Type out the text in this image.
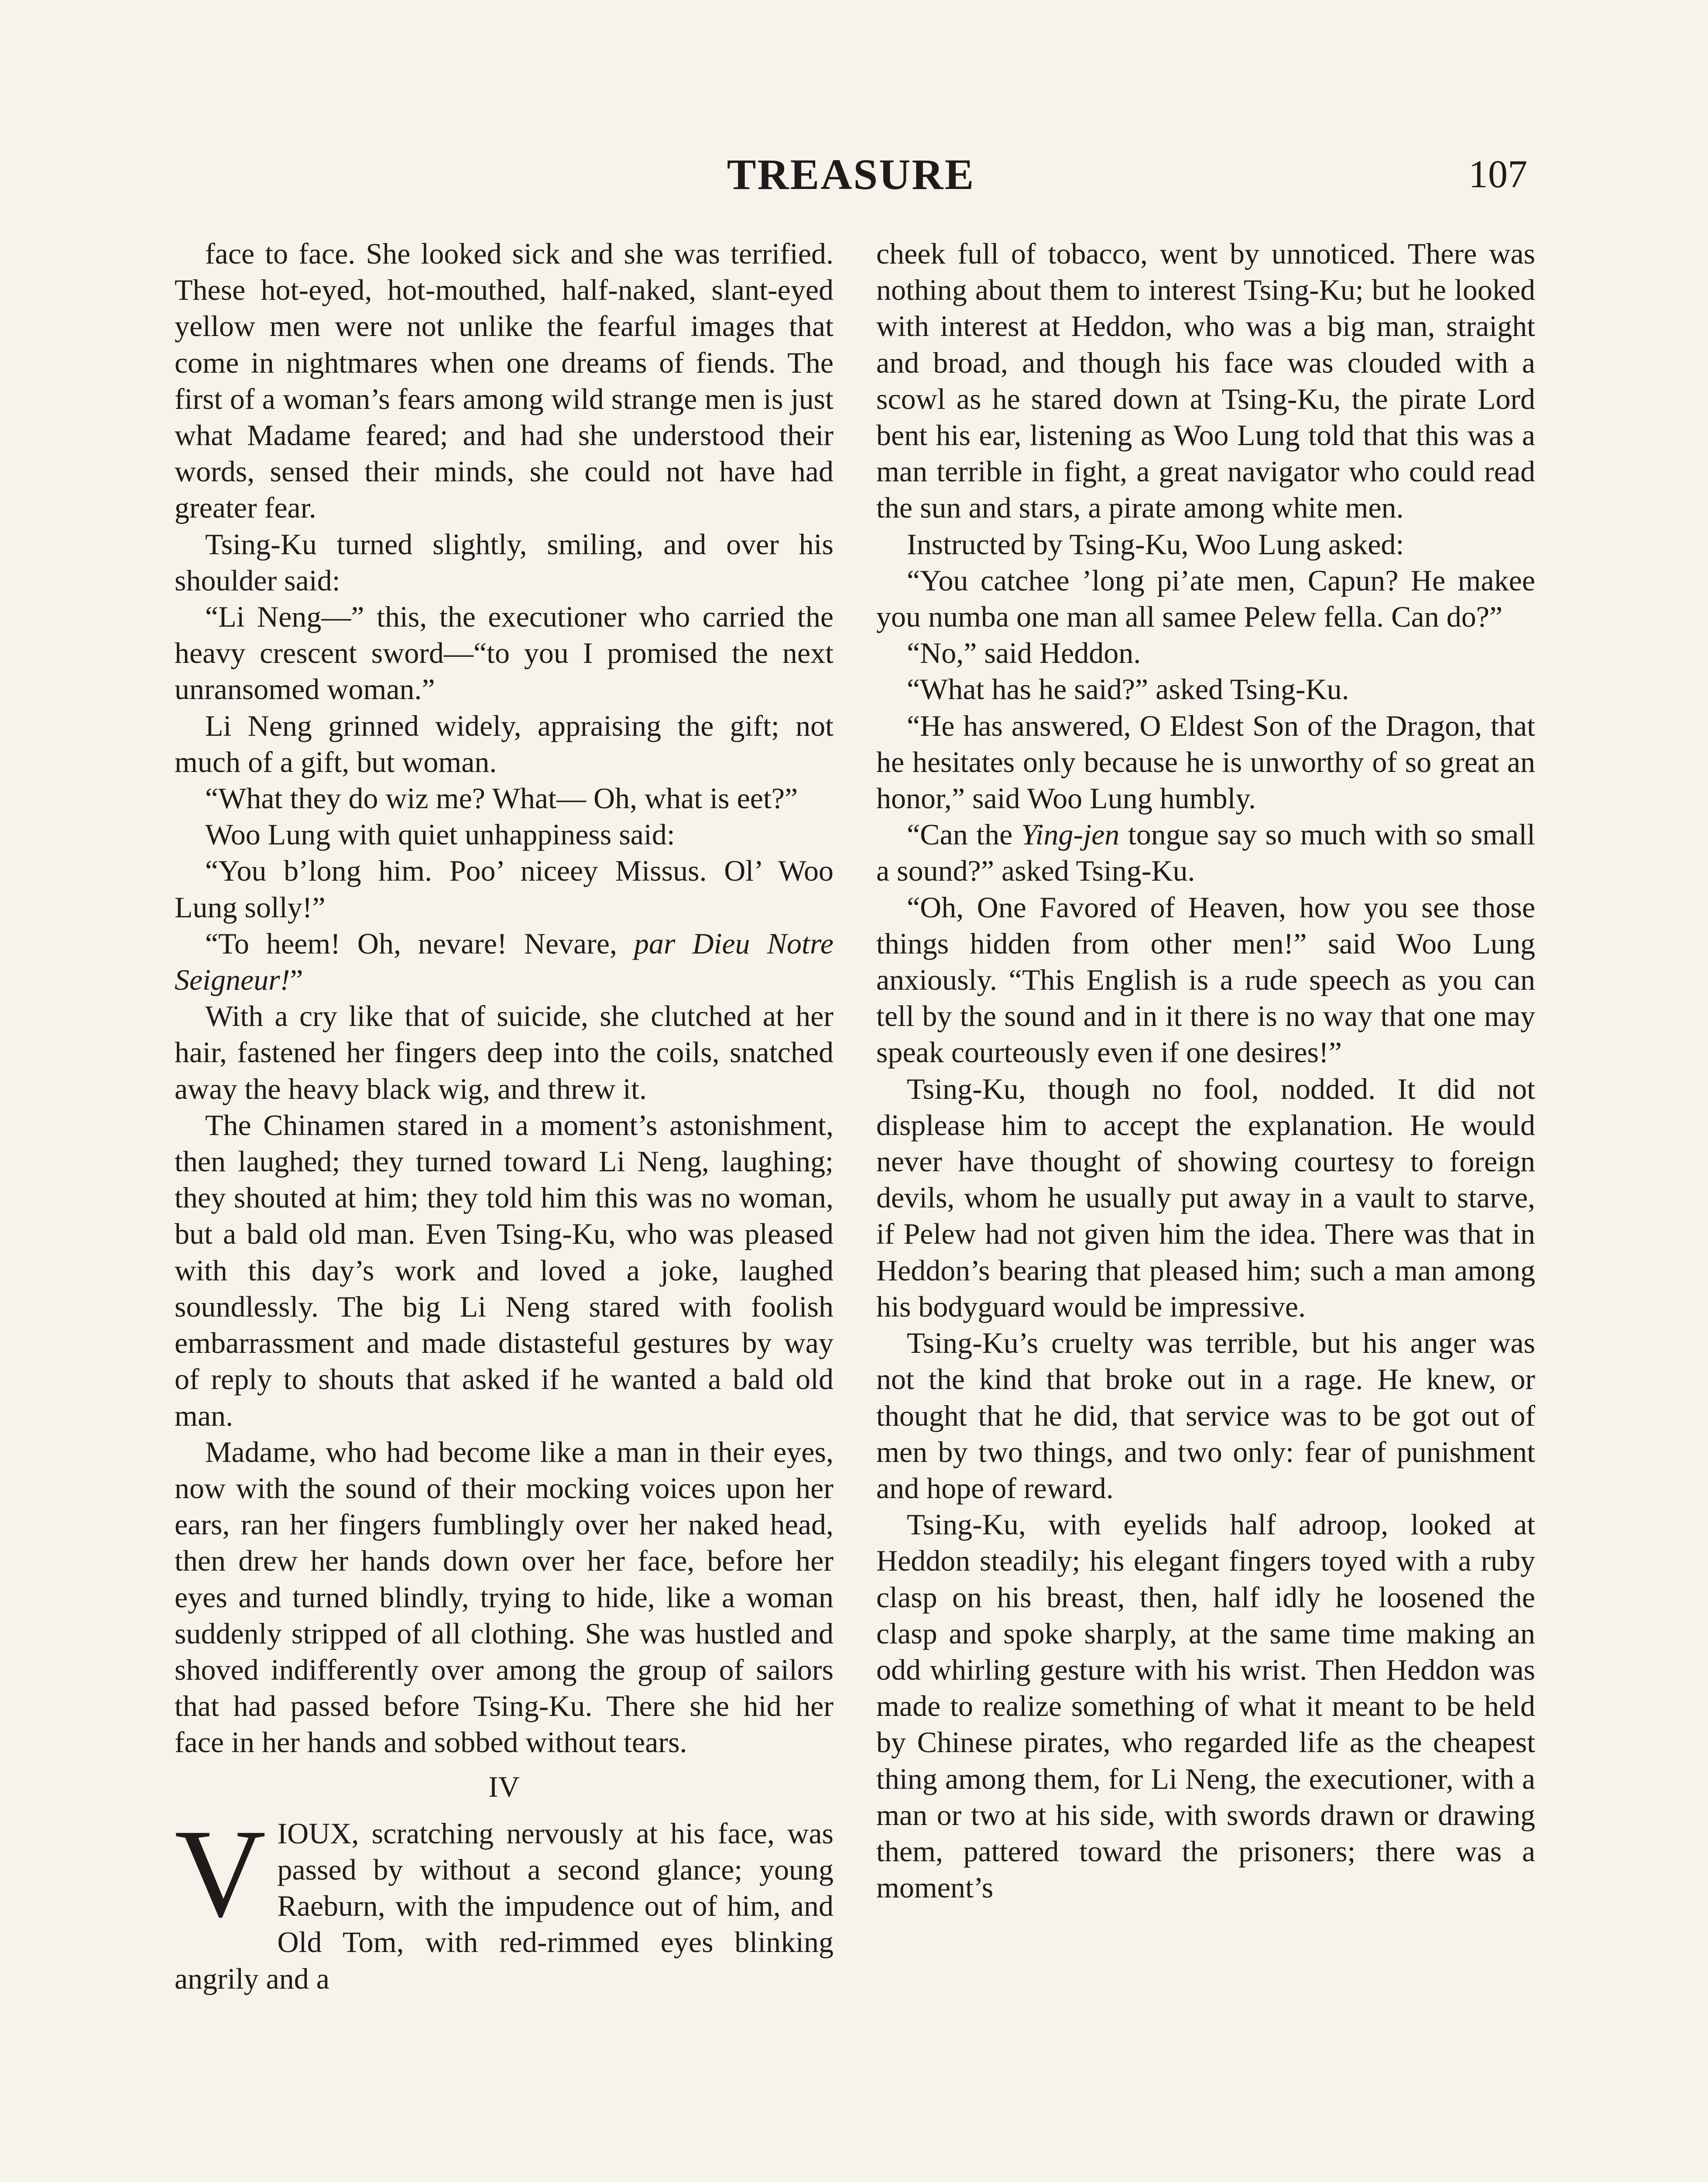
TREASURE	107

face to face. She looked sick and she was terrified. These hot-eyed, hot-mouthed, half-naked, slant-eyed yellow men were not unlike the fearful images that come in nightmares when one dreams of fiends. The first of a woman’s fears among wild strange men is just what Madame feared; and had she understood their words, sensed their minds, she could not have had greater fear.

Tsing-Ku turned slightly, smiling, and over his shoulder said:

“Li Neng—” this, the executioner who carried the heavy crescent sword—“to you I promised the next unransomed woman.”

Li Neng grinned widely, appraising the gift; not much of a gift, but woman.

“What they do wiz me? What— Oh, what is eet?”

Woo Lung with quiet unhappiness said:

“You b’long him. Poo’ niceey Missus. Ol’ Woo Lung solly!”

“To heem! Oh, nevare! Nevare, par Dieu Notre Seigneur!”

With a cry like that of suicide, she clutched at her hair, fastened her fingers deep into the coils, snatched away the heavy black wig, and threw it.

The Chinamen stared in a moment’s astonishment, then laughed; they turned toward Li Neng, laughing; they shouted at him; they told him this was no woman, but a bald old man. Even Tsing-Ku, who was pleased with this day’s work and loved a joke, laughed soundlessly. The big Li Neng stared with foolish embarrassment and made distasteful gestures by way of reply to shouts that asked if he wanted a bald old man.

Madame, who had become like a man in their eyes, now with the sound of their mocking voices upon her ears, ran her fingers fumblingly over her naked head, then drew her hands down over her face, before her eyes and turned blindly, trying to hide, like a woman suddenly stripped of all clothing. She was hustled and shoved indifferently over among the group of sailors that had passed before Tsing-Ku. There she hid her face in her hands and sobbed without tears.

IV

VIOUX, scratching nervously at his face, was passed by without a second glance; young Raeburn, with the impudence out of him, and Old Tom, with red-rimmed eyes blinking angrily and a

cheek full of tobacco, went by unnoticed. There was nothing about them to interest Tsing-Ku; but he looked with interest at Heddon, who was a big man, straight and broad, and though his face was clouded with a scowl as he stared down at Tsing-Ku, the pirate Lord bent his ear, listening as Woo Lung told that this was a man terrible in fight, a great navigator who could read the sun and stars, a pirate among white men.

Instructed by Tsing-Ku, Woo Lung asked:

“You catchee ’long pi’ate men, Capun? He makee you numba one man all samee Pelew fella. Can do?”

“No,” said Heddon.

“What has he said?” asked Tsing-Ku.

“He has answered, O Eldest Son of the Dragon, that he hesitates only because he is unworthy of so great an honor,” said Woo Lung humbly.

“Can the Ying-jen tongue say so much with so small a sound?” asked Tsing-Ku.

“Oh, One Favored of Heaven, how you see those things hidden from other men!” said Woo Lung anxiously. “This English is a rude speech as you can tell by the sound and in it there is no way that one may speak courteously even if one desires!”

Tsing-Ku, though no fool, nodded. It did not displease him to accept the explanation. He would never have thought of showing courtesy to foreign devils, whom he usually put away in a vault to starve, if Pelew had not given him the idea. There was that in Heddon’s bearing that pleased him; such a man among his bodyguard would be impressive.

Tsing-Ku’s cruelty was terrible, but his anger was not the kind that broke out in a rage. He knew, or thought that he did, that service was to be got out of men by two things, and two only: fear of punishment and hope of reward.

Tsing-Ku, with eyelids half adroop, looked at Heddon steadily; his elegant fingers toyed with a ruby clasp on his breast, then, half idly he loosened the clasp and spoke sharply, at the same time making an odd whirling gesture with his wrist. Then Heddon was made to realize something of what it meant to be held by Chinese pirates, who regarded life as the cheapest thing among them, for Li Neng, the executioner, with a man or two at his side, with swords drawn or drawing them, pattered toward the prisoners; there was a moment’s
